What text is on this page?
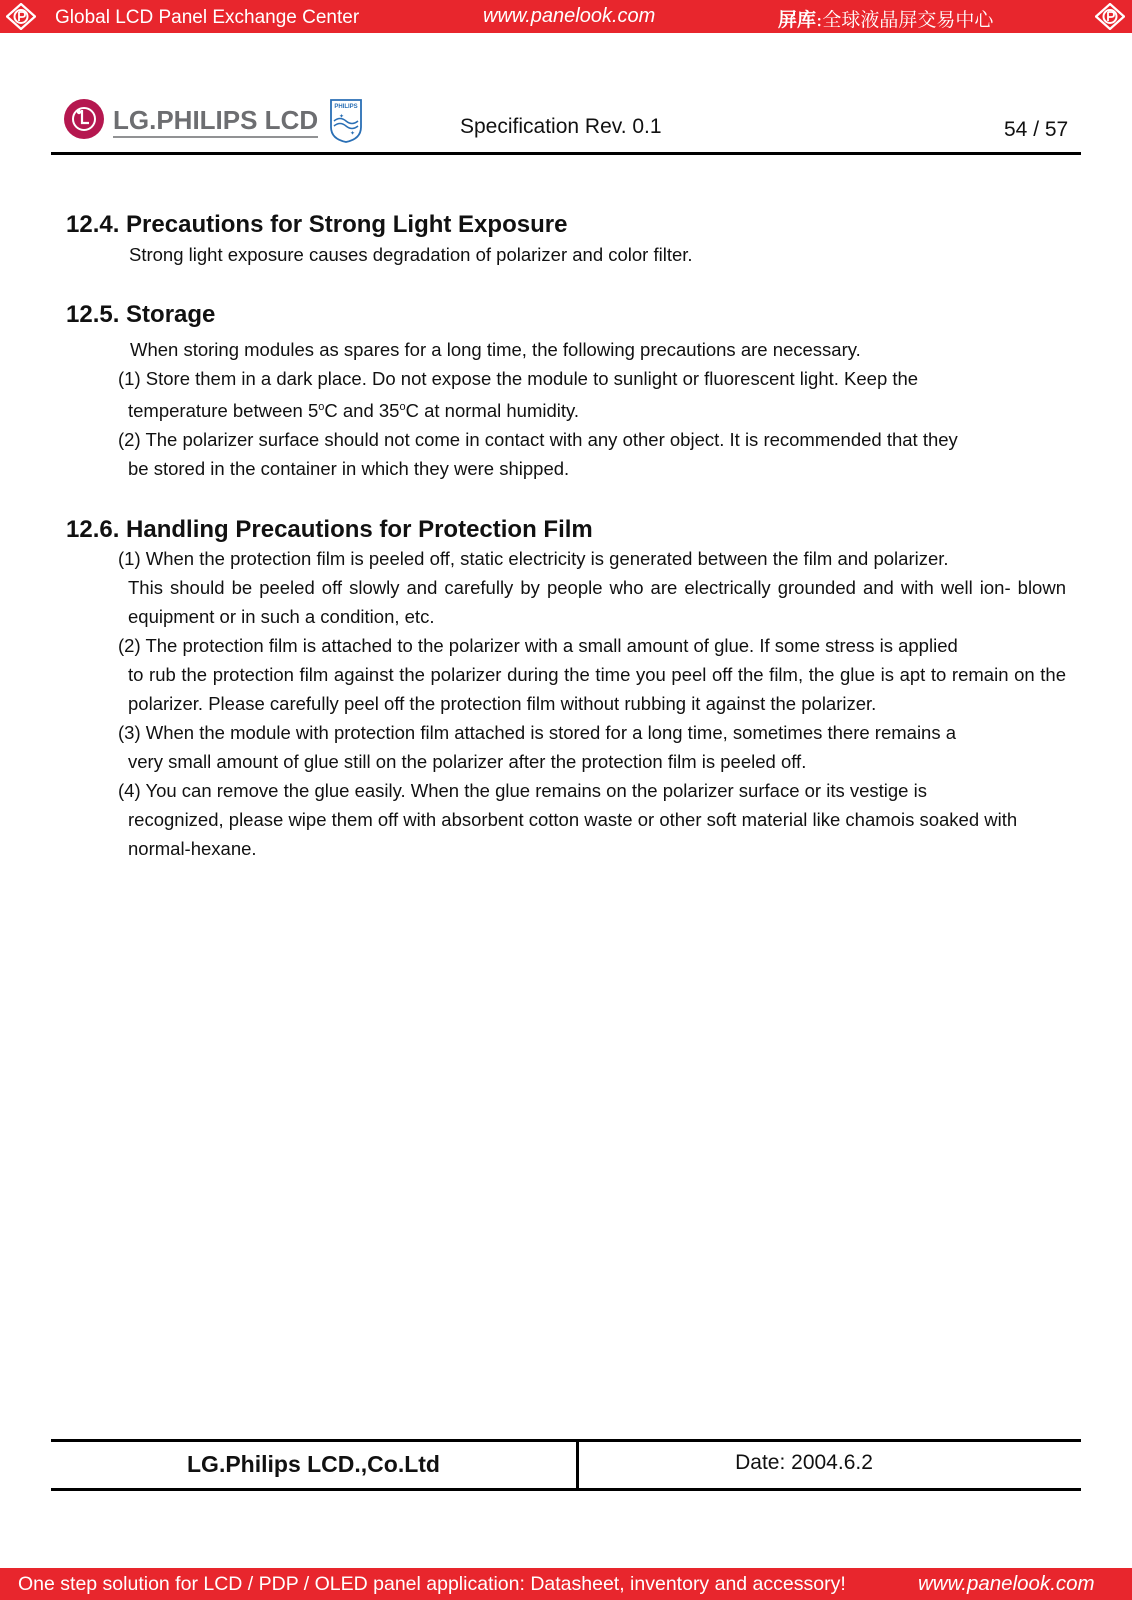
Global LCD Panel Exchange Center	www.panelook.com	屏库:全球液晶屏交易中心
LG.PHILIPS LCD	PHILIPS
✦
✦	Specification Rev. 0.1	54 / 57
12.4. Precautions for Strong Light Exposure

Strong light exposure causes degradation of polarizer and color filter.

12.5. Storage

When storing modules as spares for a long time, the following precautions are necessary.

(1) Store them in a dark place. Do not expose the module to sunlight or fluorescent light. Keep the
temperature between 5$^o$C and 35$^o$C at normal humidity.
(2) The polarizer surface should not come in contact with any other object. It is recommended that they
be stored in the container in which they were shipped.
12.6. Handling Precautions for Protection Film
(1) When the protection film is peeled off, static electricity is generated between the film and polarizer.
This should be peeled off slowly and carefully by people who are electrically grounded and with well ion- blown equipment or in such a condition, etc.
(2) The protection film is attached to the polarizer with a small amount of glue. If some stress is applied
to rub the protection film against the polarizer during the time you peel off the film, the glue is apt to remain on the polarizer. Please carefully peel off the protection film without rubbing it against the polarizer.
(3) When the module with protection film attached is stored for a long time, sometimes there remains a
very small amount of glue still on the polarizer after the protection film is peeled off.
(4) You can remove the glue easily. When the glue remains on the polarizer surface or its vestige is
recognized, please wipe them off with absorbent cotton waste or other soft material like chamois soaked with normal-hexane.
LG.Philips LCD.,Co.Ltd	Date: 2004.6.2
One step solution for LCD / PDP / OLED panel application: Datasheet, inventory and accessory!	www.panelook.com
